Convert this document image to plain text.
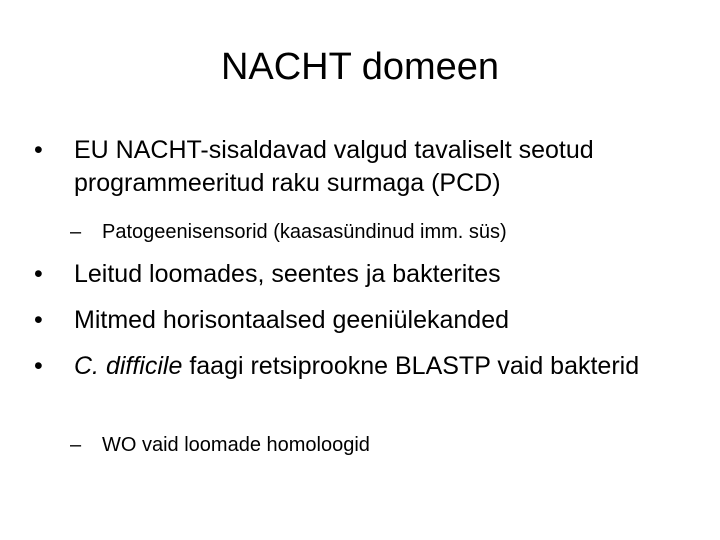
NACHT domeen
•	EU NACHT-sisaldavad valgud tavaliselt seotud programmeeritud raku surmaga (PCD)
–	Patogeenisensorid (kaasasündinud imm. süs)
•	Leitud loomades, seentes ja bakterites
•	Mitmed horisontaalsed geeniülekanded
•	C. difficile faagi retsiprookne BLASTP vaid bakterid
–	WO vaid loomade homoloogid
